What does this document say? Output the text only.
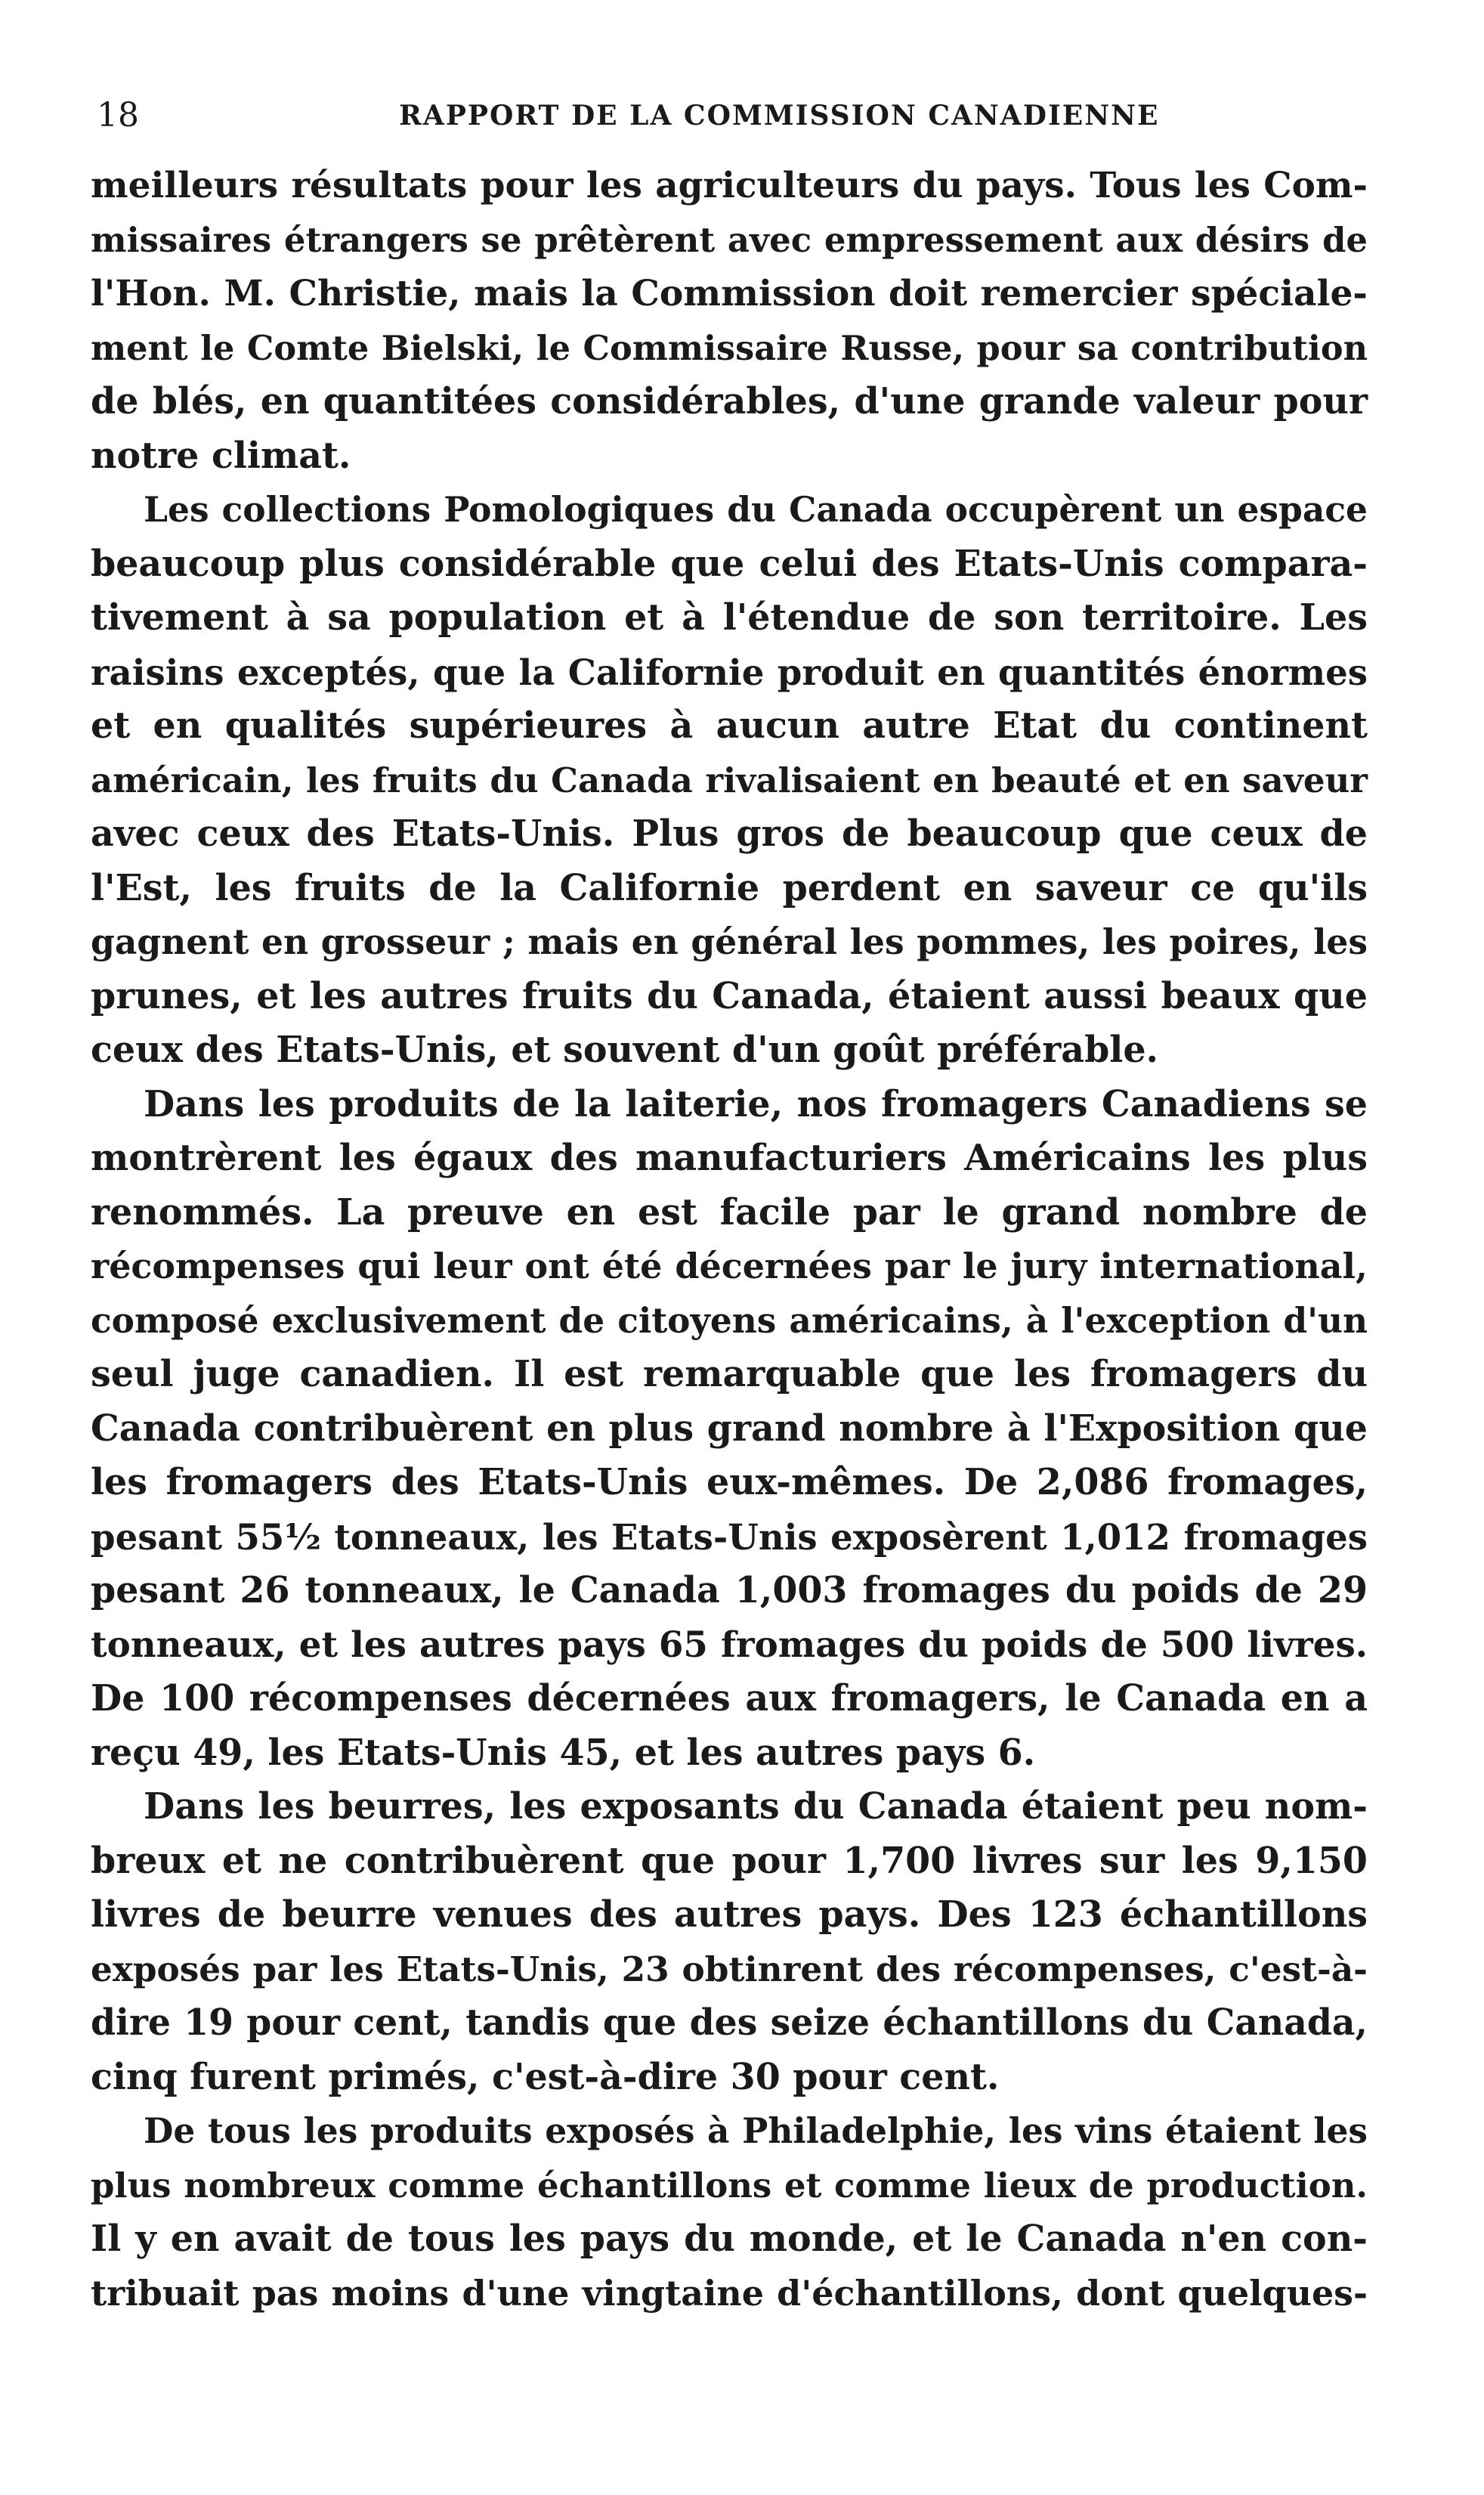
18	RAPPORT DE LA COMMISSION CANADIENNE
meilleurs résultats pour les agriculteurs du pays. Tous les Com-
missaires étrangers se prêtèrent avec empressement aux désirs de
l'Hon. M. Christie, mais la Commission doit remercier spéciale-
ment le Comte Bielski, le Commissaire Russe, pour sa contribution
de blés, en quantitées considérables, d'une grande valeur pour
notre climat.
Les collections Pomologiques du Canada occupèrent un espace
beaucoup plus considérable que celui des Etats-Unis compara-
tivement à sa population et à l'étendue de son territoire. Les
raisins exceptés, que la Californie produit en quantités énormes
et en qualités supérieures à aucun autre Etat du continent
américain, les fruits du Canada rivalisaient en beauté et en saveur
avec ceux des Etats-Unis. Plus gros de beaucoup que ceux de
l'Est, les fruits de la Californie perdent en saveur ce qu'ils
gagnent en grosseur ; mais en général les pommes, les poires, les
prunes, et les autres fruits du Canada, étaient aussi beaux que
ceux des Etats-Unis, et souvent d'un goût préférable.
Dans les produits de la laiterie, nos fromagers Canadiens se
montrèrent les égaux des manufacturiers Américains les plus
renommés. La preuve en est facile par le grand nombre de
récompenses qui leur ont été décernées par le jury international,
composé exclusivement de citoyens américains, à l'exception d'un
seul juge canadien. Il est remarquable que les fromagers du
Canada contribuèrent en plus grand nombre à l'Exposition que
les fromagers des Etats-Unis eux-mêmes. De 2,086 fromages,
pesant 55½ tonneaux, les Etats-Unis exposèrent 1,012 fromages
pesant 26 tonneaux, le Canada 1,003 fromages du poids de 29
tonneaux, et les autres pays 65 fromages du poids de 500 livres.
De 100 récompenses décernées aux fromagers, le Canada en a
reçu 49, les Etats-Unis 45, et les autres pays 6.
Dans les beurres, les exposants du Canada étaient peu nom-
breux et ne contribuèrent que pour 1,700 livres sur les 9,150
livres de beurre venues des autres pays. Des 123 échantillons
exposés par les Etats-Unis, 23 obtinrent des récompenses, c'est-à-
dire 19 pour cent, tandis que des seize échantillons du Canada,
cinq furent primés, c'est-à-dire 30 pour cent.
De tous les produits exposés à Philadelphie, les vins étaient les
plus nombreux comme échantillons et comme lieux de production.
Il y en avait de tous les pays du monde, et le Canada n'en con-
tribuait pas moins d'une vingtaine d'échantillons, dont quelques-
